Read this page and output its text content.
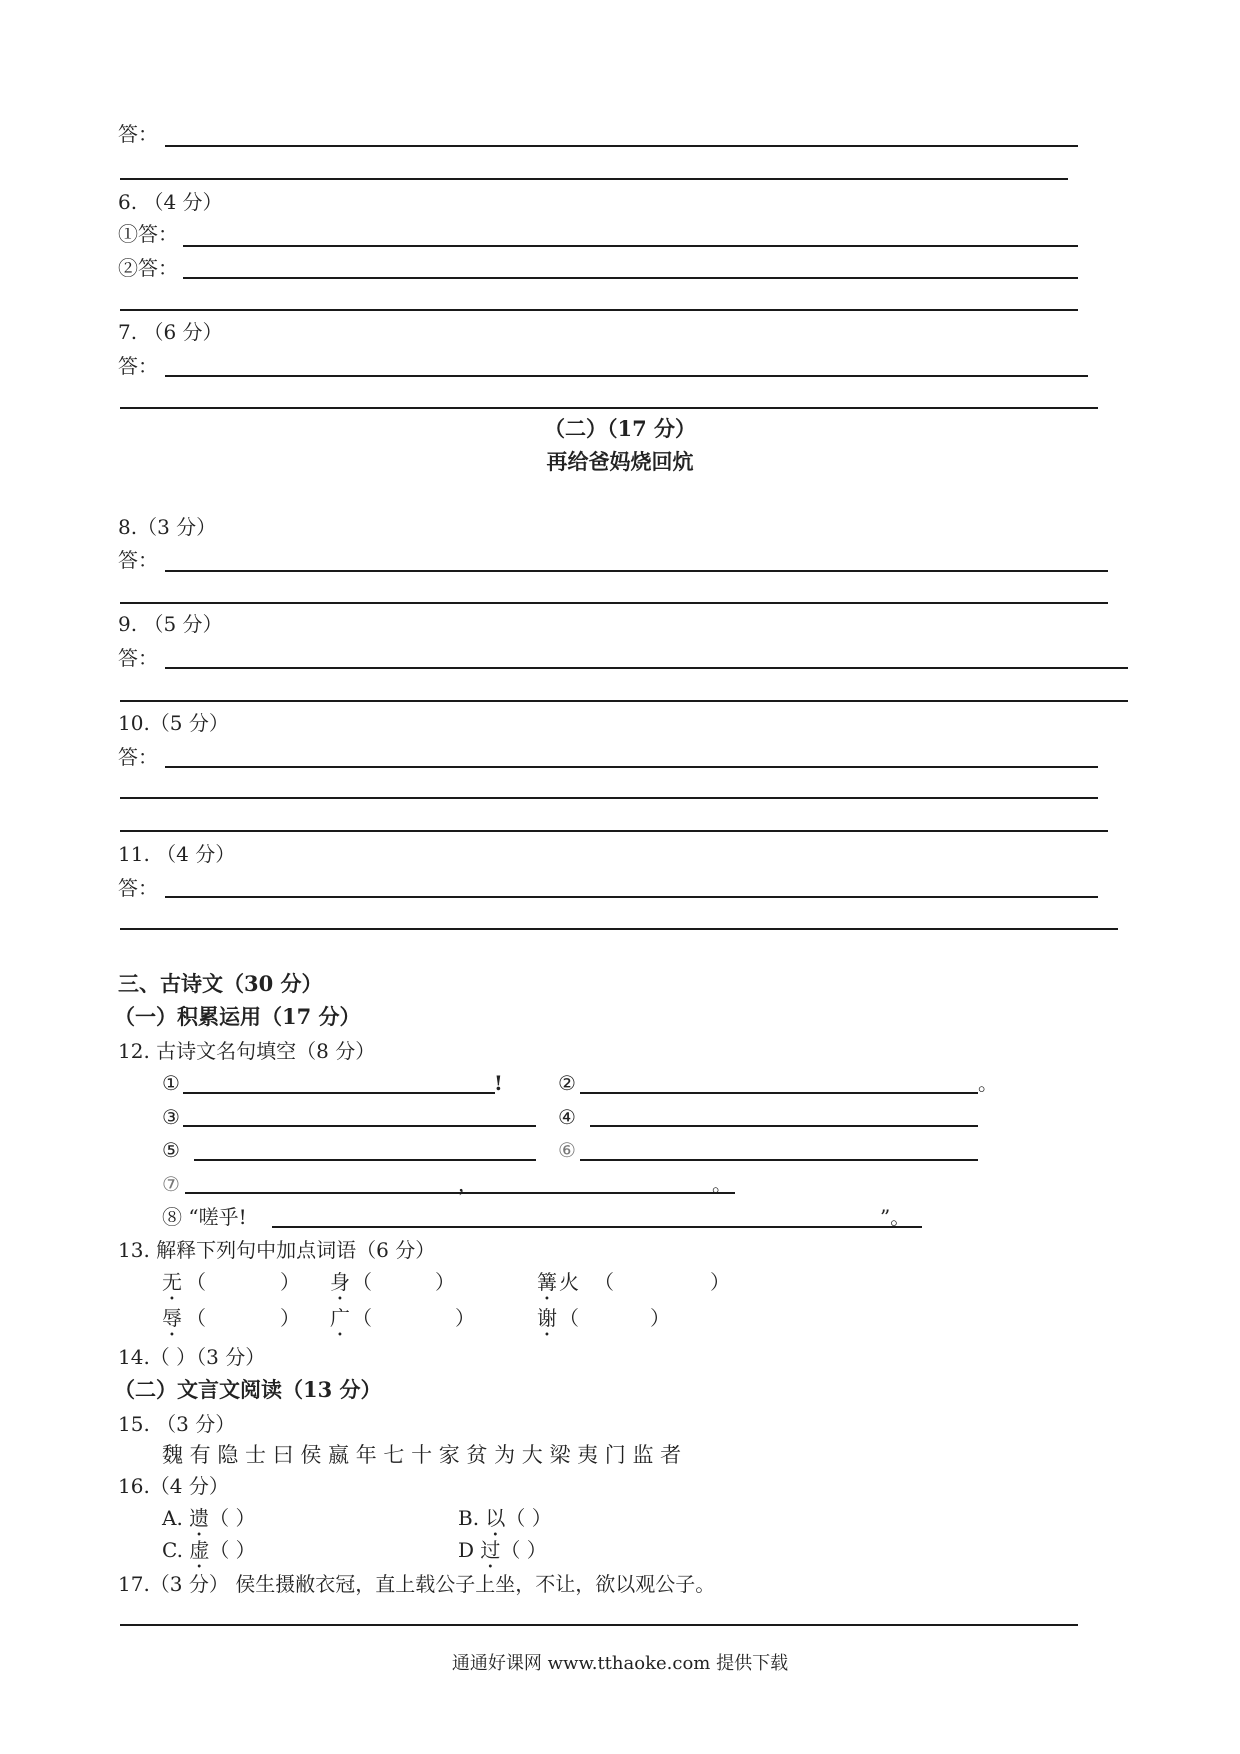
答：
6. （4 分）
①答：
②答：
7. （6 分）
答：
（二）（17 分）
再给爸妈烧回炕
8.（3 分）
答：
9. （5 分）
答：
10.（5 分）
答：
11. （4 分）
答：
三、古诗文（30 分）
（一）积累运用（17 分）
12. 古诗文名句填空（8 分）
①	!	②	。
③	④
⑤	⑥
⑦	，	。
⑧ “嗟乎!	”。
13. 解释下列句中加点词语（6 分）
无 （	） 身 （	）	篝 火 （	）
辱 （	） 广 （	）	谢 （	）
14.（ ）（3 分）
（二）文言文阅读（13 分）
15. （3 分）
魏 有 隐 士 曰 侯 嬴 年 七 十 家 贫 为 大 梁 夷 门 监 者
16.（4 分）
A. 遗（ ）	B. 以（ ）
C. 虚（ ）	D 过（ ）
17.（3 分） 侯生摄敝衣冠，直上载公子上坐，不让，欲以观公子。
通通好课网 www.tthaoke.com 提供下载
